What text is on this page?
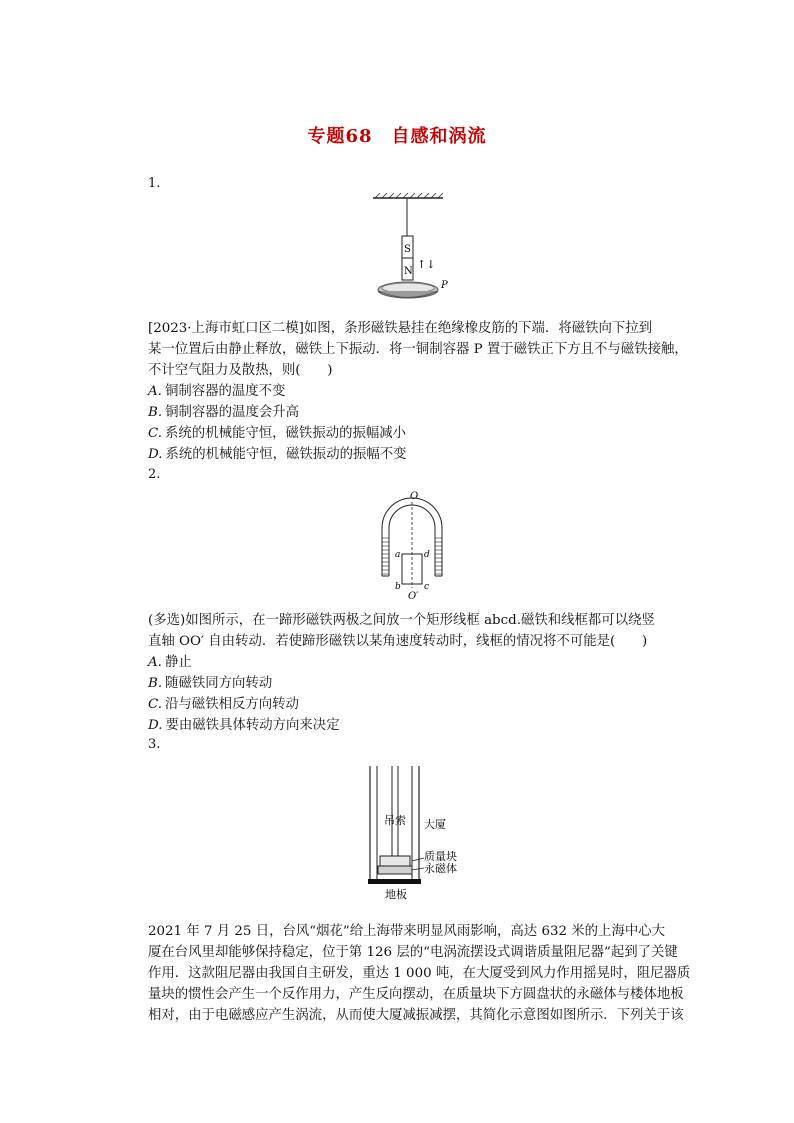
专题68　自感和涡流
1.
S
N
↑↓
P
[2023·上海市虹口区二模]如图，条形磁铁悬挂在绝缘橡皮筋的下端．将磁铁向下拉到
某一位置后由静止释放，磁铁上下振动．将一铜制容器 P 置于磁铁正下方且不与磁铁接触，
不计空气阻力及散热，则(　　)
A. 铜制容器的温度不变
B. 铜制容器的温度会升高
C. 系统的机械能守恒，磁铁振动的振幅减小
D. 系统的机械能守恒，磁铁振动的振幅不变
2.
O
a	d
b	c
O′
(多选)如图所示，在一蹄形磁铁两极之间放一个矩形线框 abcd.磁铁和线框都可以绕竖
直轴 OO′ 自由转动．若使蹄形磁铁以某角速度转动时，线框的情况将不可能是(　　)
A. 静止
B. 随磁铁同方向转动
C. 沿与磁铁相反方向转动
D. 要由磁铁具体转动方向来决定
3.
吊索 大厦
质量块
永磁体
地板
2021 年 7 月 25 日，台风“烟花”给上海带来明显风雨影响，高达 632 米的上海中心大
厦在台风里却能够保持稳定，位于第 126 层的“电涡流摆设式调谐质量阻尼器”起到了关键
作用．这款阻尼器由我国自主研发，重达 1 000 吨，在大厦受到风力作用摇晃时，阻尼器质
量块的惯性会产生一个反作用力，产生反向摆动，在质量块下方圆盘状的永磁体与楼体地板
相对，由于电磁感应产生涡流，从而使大厦减振减摆，其简化示意图如图所示．下列关于该
